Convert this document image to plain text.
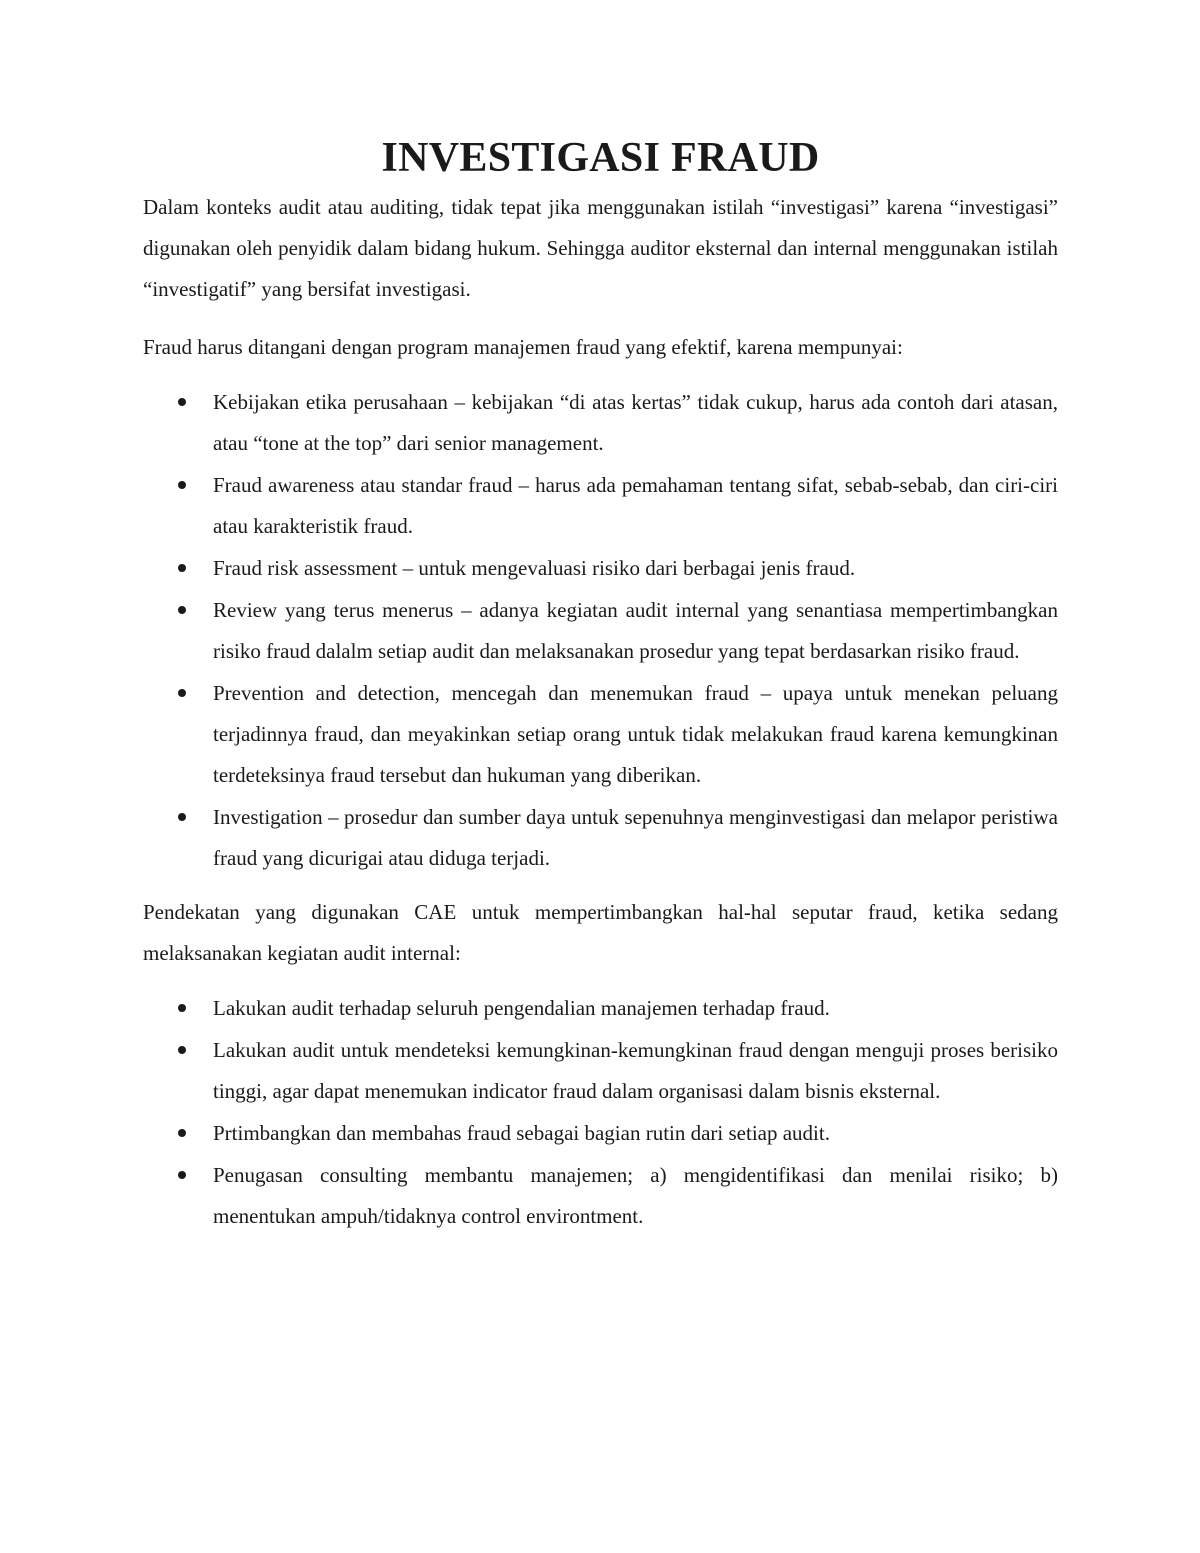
INVESTIGASI FRAUD

Dalam konteks audit atau auditing, tidak tepat jika menggunakan istilah “investigasi” karena “investigasi” digunakan oleh penyidik dalam bidang hukum. Sehingga auditor eksternal dan internal menggunakan istilah “investigatif” yang bersifat investigasi.

Fraud harus ditangani dengan program manajemen fraud yang efektif, karena mempunyai:

Kebijakan etika perusahaan – kebijakan “di atas kertas” tidak cukup, harus ada contoh dari atasan, atau “tone at the top” dari senior management.
Fraud awareness atau standar fraud – harus ada pemahaman tentang sifat, sebab-sebab, dan ciri-ciri atau karakteristik fraud.
Fraud risk assessment – untuk mengevaluasi risiko dari berbagai jenis fraud.
Review yang terus menerus – adanya kegiatan audit internal yang senantiasa mempertimbangkan risiko fraud dalalm setiap audit dan melaksanakan prosedur yang tepat berdasarkan risiko fraud.
Prevention and detection, mencegah dan menemukan fraud – upaya untuk menekan peluang terjadinnya fraud, dan meyakinkan setiap orang untuk tidak melakukan fraud karena kemungkinan terdeteksinya fraud tersebut dan hukuman yang diberikan.
Investigation – prosedur dan sumber daya untuk sepenuhnya menginvestigasi dan melapor peristiwa fraud yang dicurigai atau diduga terjadi.

Pendekatan yang digunakan CAE untuk mempertimbangkan hal-hal seputar fraud, ketika sedang melaksanakan kegiatan audit internal:

Lakukan audit terhadap seluruh pengendalian manajemen terhadap fraud.
Lakukan audit untuk mendeteksi kemungkinan-kemungkinan fraud dengan menguji proses berisiko tinggi, agar dapat menemukan indicator fraud dalam organisasi dalam bisnis eksternal.
Prtimbangkan dan membahas fraud sebagai bagian rutin dari setiap audit.
Penugasan consulting membantu manajemen; a) mengidentifikasi dan menilai risiko; b) menentukan ampuh/tidaknya control environtment.
